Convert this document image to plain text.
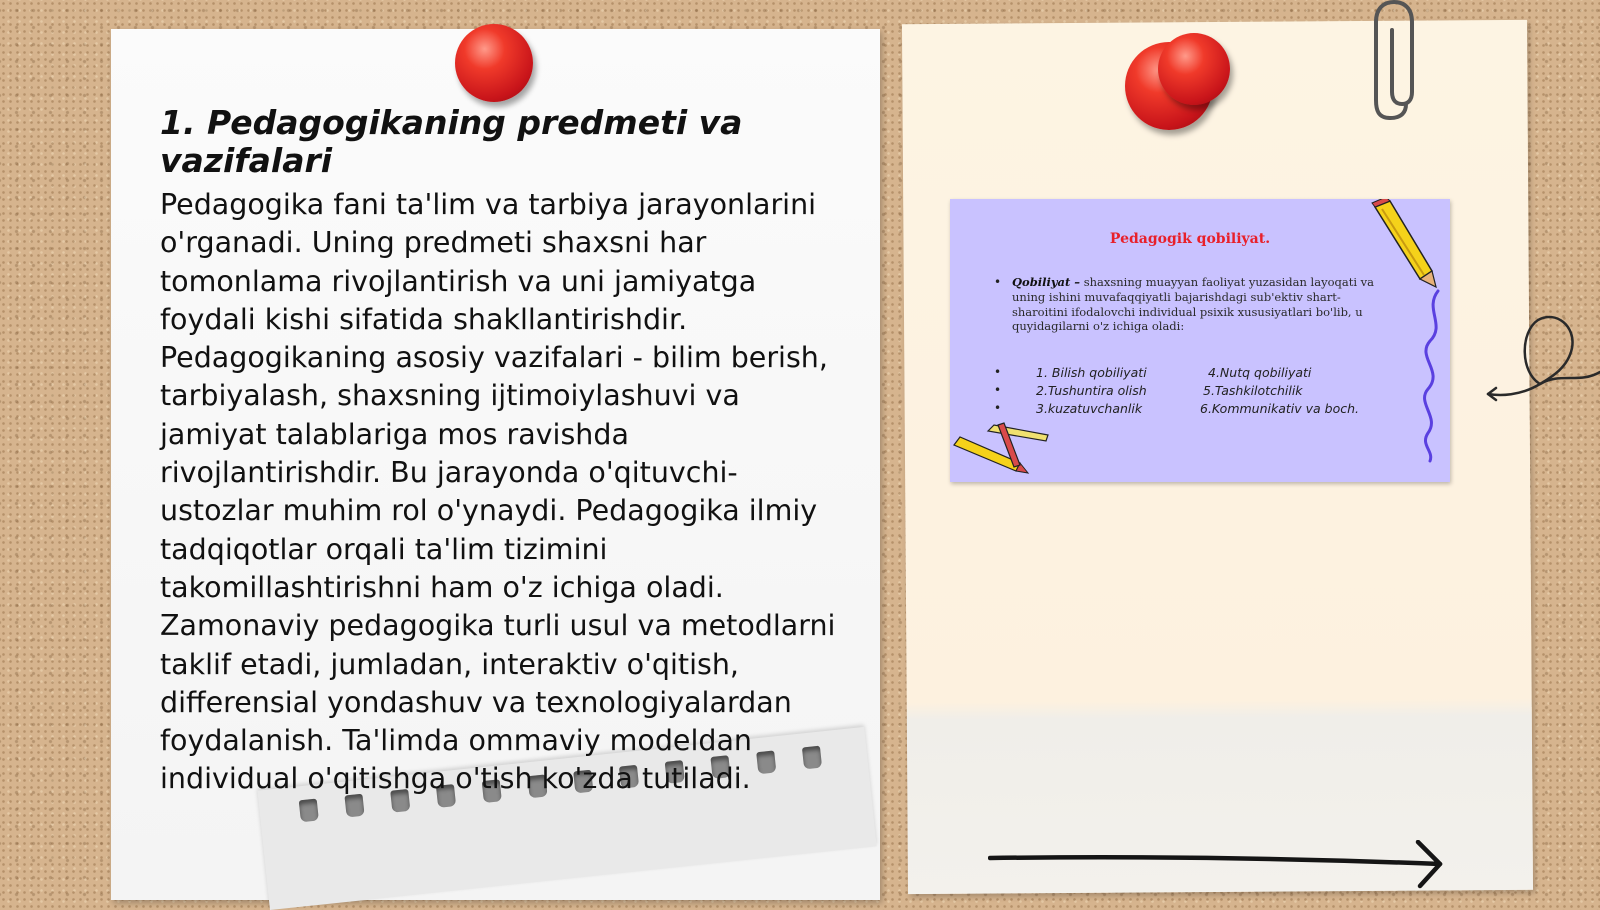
1. Pedagogikaning predmeti va vazifalari

Pedagogika fani ta'lim va tarbiya jarayonlarini o'rganadi. Uning predmeti shaxsni har tomonlama rivojlantirish va uni jamiyatga foydali kishi sifatida shakllantirishdir. Pedagogikaning asosiy vazifalari - bilim berish, tarbiyalash, shaxsning ijtimoiylashuvi va jamiyat talablariga mos ravishda rivojlantirishdir. Bu jarayonda o'qituvchi-ustozlar muhim rol o'ynaydi. Pedagogika ilmiy tadqiqotlar orqali ta'lim tizimini takomillashtirishni ham o'z ichiga oladi. Zamonaviy pedagogika turli usul va metodlarni taklif etadi, jumladan, interaktiv o'qitish, differensial yondashuv va texnologiyalardan foydalanish. Ta'limda ommaviy modeldan individual o'qitishga o'tish ko'zda tutiladi.

Pedagogik qobiliyat.

• Qobiliyat – shaxsning muayyan faoliyat yuzasidan layoqati va uning ishini muvafaqqiyatli bajarishdagi sub'ektiv shart-sharoitini ifodalovchi individual psixik xususiyatlari bo'lib, u quyidagilarni o'z ichiga oladi:

•
•
•
1. Bilish qobiliyati	4.Nutq qobiliyati
2.Tushuntira olish	5.Tashkilotchilik
3.kuzatuvchanlik	6.Kommunikativ va boch.
